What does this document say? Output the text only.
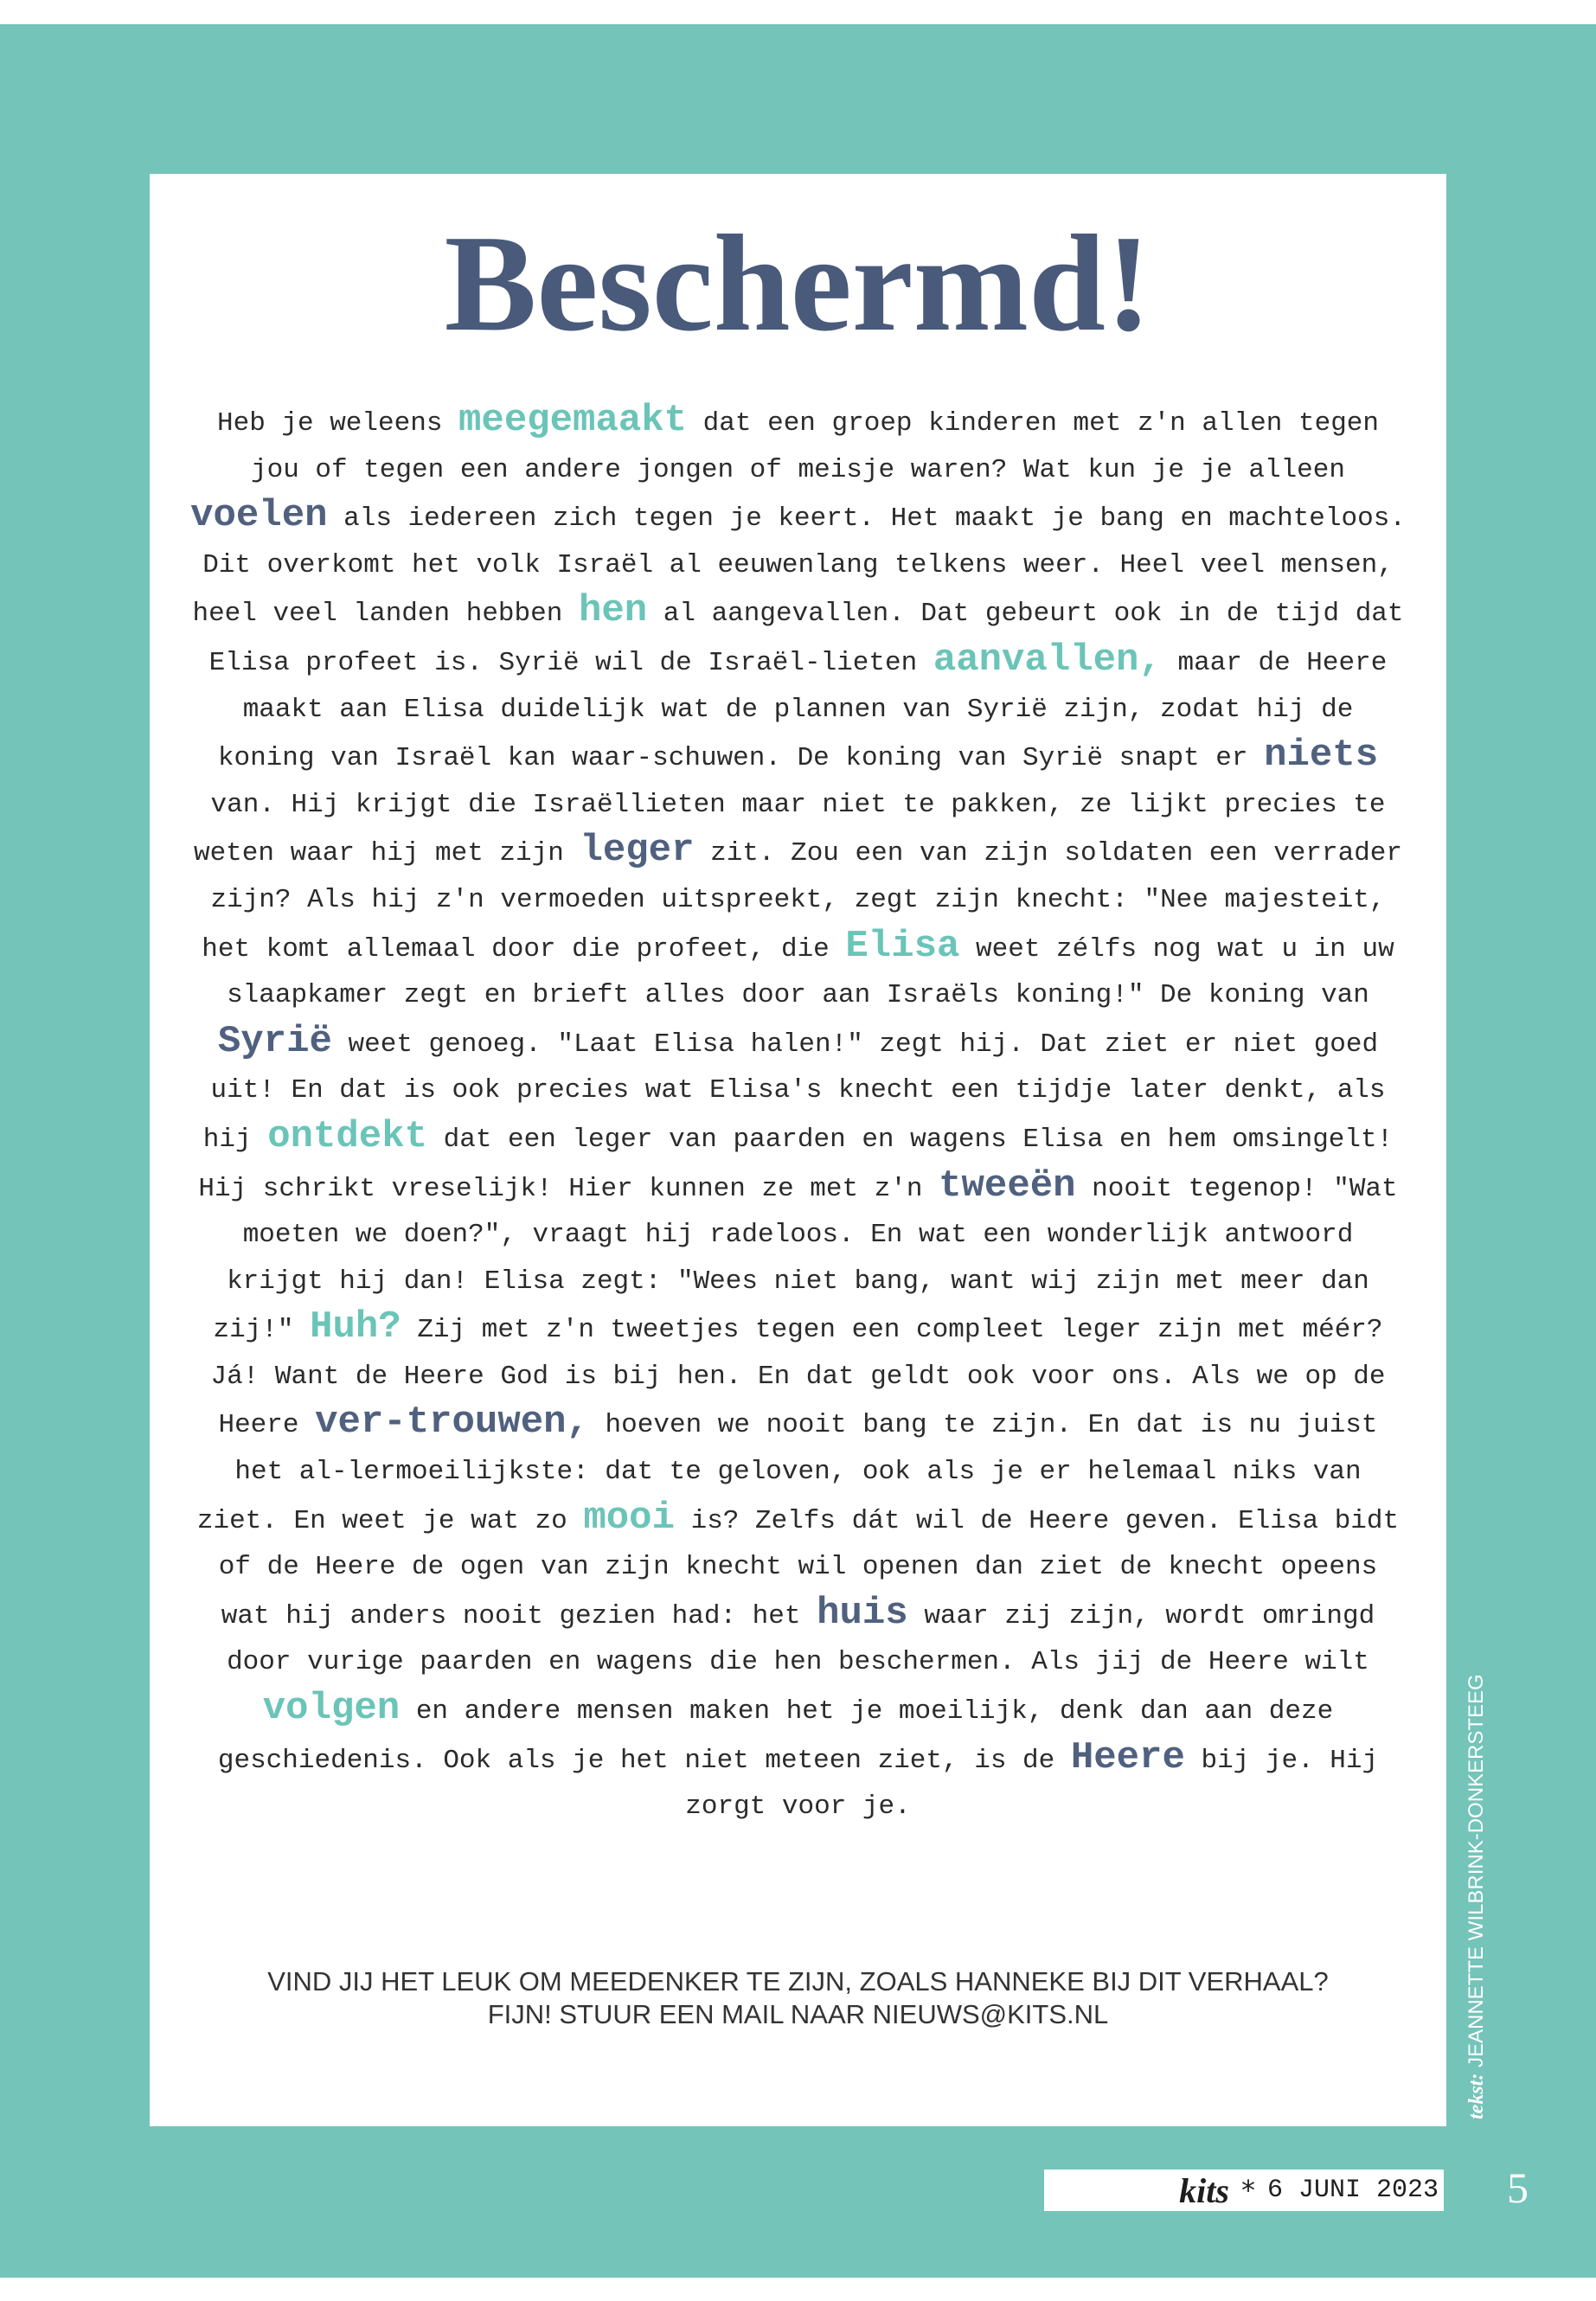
Beschermd!

Heb je weleens meegemaakt dat een groep kinderen met z'n allen tegen jou of tegen een andere jongen of meisje waren? Wat kun je je alleen voelen als iedereen zich tegen je keert. Het maakt je bang en machteloos. Dit overkomt het volk Israël al eeuwenlang telkens weer. Heel veel mensen, heel veel landen hebben hen al aangevallen. Dat gebeurt ook in de tijd dat Elisa profeet is. Syrië wil de Israël-lieten aanvallen, maar de Heere maakt aan Elisa duidelijk wat de plannen van Syrië zijn, zodat hij de koning van Israël kan waar-schuwen. De koning van Syrië snapt er niets van. Hij krijgt die Israëllieten maar niet te pakken, ze lijkt precies te weten waar hij met zijn leger zit. Zou een van zijn soldaten een verrader zijn? Als hij z'n vermoeden uitspreekt, zegt zijn knecht: "Nee majesteit, het komt allemaal door die profeet, die Elisa weet zélfs nog wat u in uw slaapkamer zegt en brieft alles door aan Israëls koning!" De koning van Syrië weet genoeg. "Laat Elisa halen!" zegt hij. Dat ziet er niet goed uit! En dat is ook precies wat Elisa's knecht een tijdje later denkt, als hij ontdekt dat een leger van paarden en wagens Elisa en hem omsingelt! Hij schrikt vreselijk! Hier kunnen ze met z'n tweeën nooit tegenop! "Wat moeten we doen?", vraagt hij radeloos. En wat een wonderlijk antwoord krijgt hij dan! Elisa zegt: "Wees niet bang, want wij zijn met meer dan zij!" Huh? Zij met z'n tweetjes tegen een compleet leger zijn met méér? Já! Want de Heere God is bij hen. En dat geldt ook voor ons. Als we op de Heere ver-trouwen, hoeven we nooit bang te zijn. En dat is nu juist het al-lermoeilijkste: dat te geloven, ook als je er helemaal niks van ziet. En weet je wat zo mooi is? Zelfs dát wil de Heere geven. Elisa bidt of de Heere de ogen van zijn knecht wil openen dan ziet de knecht opeens wat hij anders nooit gezien had: het huis waar zij zijn, wordt omringd door vurige paarden en wagens die hen beschermen. Als jij de Heere wilt volgen en andere mensen maken het je moeilijk, denk dan aan deze geschiedenis. Ook als je het niet meteen ziet, is de Heere bij je. Hij zorgt voor je.

VIND JIJ HET LEUK OM MEEDENKER TE ZIJN, ZOALS HANNEKE BIJ DIT VERHAAL?
FIJN! STUUR EEN MAIL NAAR NIEUWS@KITS.NL
tekst: JEANNETTE WILBRINK-DONKERSTEEG
kits * 6 JUNI 2023 5
